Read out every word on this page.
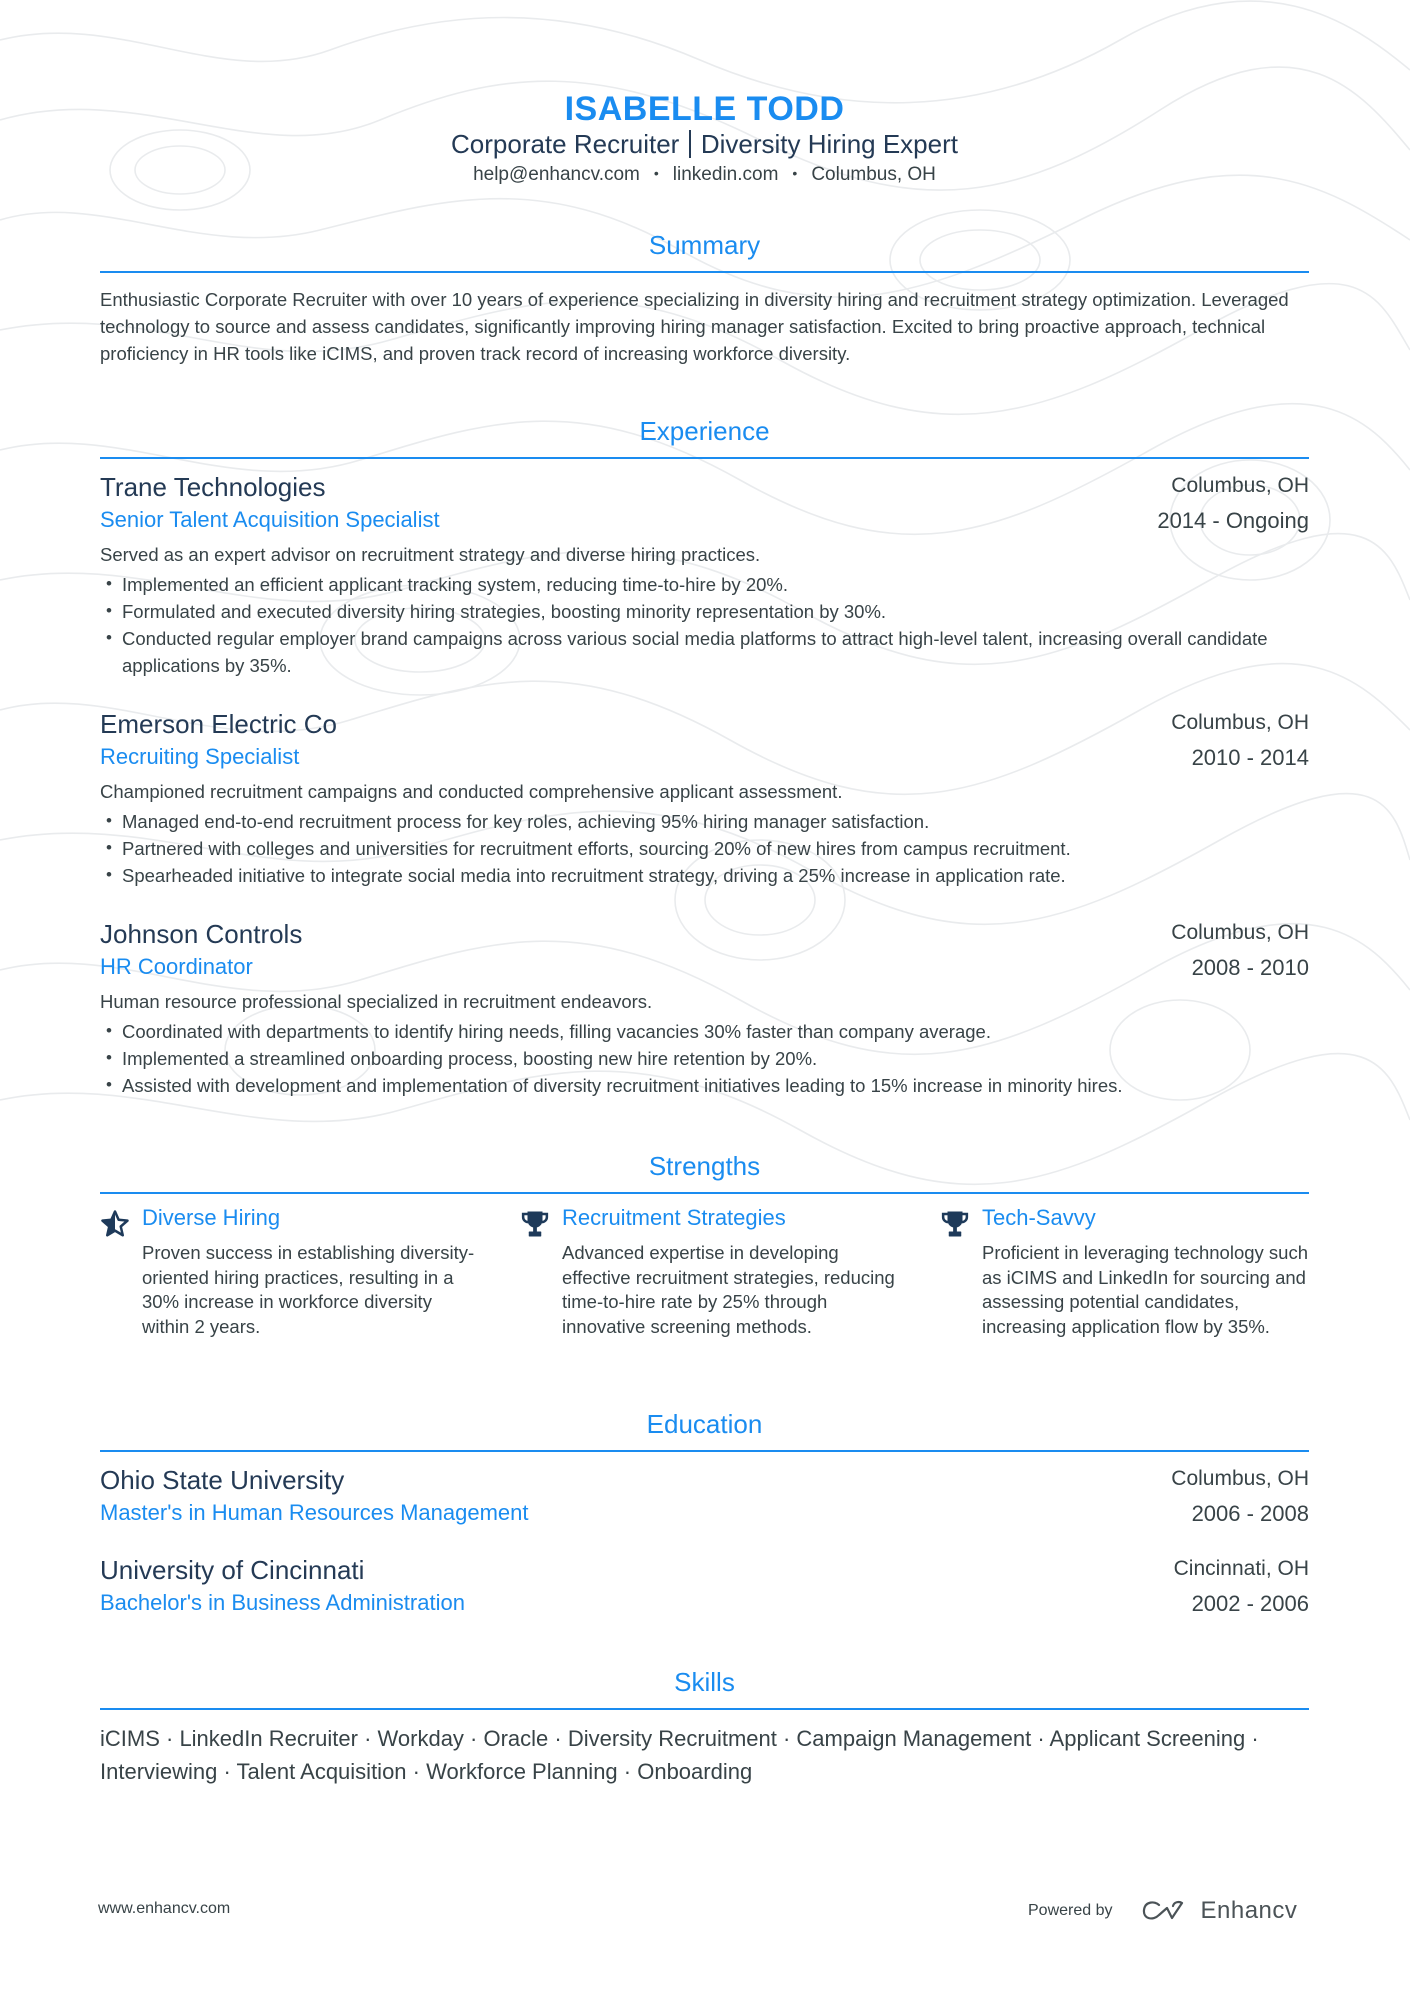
ISABELLE TODD
Corporate Recruiter Diversity Hiring Expert
help@enhancv.com • linkedin.com • Columbus, OH
Summary
Enthusiastic Corporate Recruiter with over 10 years of experience specializing in diversity hiring and recruitment strategy optimization. Leveraged technology to source and assess candidates, significantly improving hiring manager satisfaction. Excited to bring proactive approach, technical proficiency in HR tools like iCIMS, and proven track record of increasing workforce diversity.
Experience
Trane Technologies	Columbus, OH
Senior Talent Acquisition Specialist	2014 - Ongoing
Served as an expert advisor on recruitment strategy and diverse hiring practices.
• Implemented an efficient applicant tracking system, reducing time-to-hire by 20%.
• Formulated and executed diversity hiring strategies, boosting minority representation by 30%.
• Conducted regular employer brand campaigns across various social media platforms to attract high-level talent, increasing overall candidate applications by 35%.
Emerson Electric Co	Columbus, OH
Recruiting Specialist	2010 - 2014
Championed recruitment campaigns and conducted comprehensive applicant assessment.
• Managed end-to-end recruitment process for key roles, achieving 95% hiring manager satisfaction.
• Partnered with colleges and universities for recruitment efforts, sourcing 20% of new hires from campus recruitment.
• Spearheaded initiative to integrate social media into recruitment strategy, driving a 25% increase in application rate.
Johnson Controls	Columbus, OH
HR Coordinator	2008 - 2010
Human resource professional specialized in recruitment endeavors.
• Coordinated with departments to identify hiring needs, filling vacancies 30% faster than company average.
• Implemented a streamlined onboarding process, boosting new hire retention by 20%.
• Assisted with development and implementation of diversity recruitment initiatives leading to 15% increase in minority hires.
Strengths
Diverse Hiring
Proven success in establishing diversity-oriented hiring practices, resulting in a 30% increase in workforce diversity within 2 years.
Recruitment Strategies
Advanced expertise in developing effective recruitment strategies, reducing time-to-hire rate by 25% through innovative screening methods.
Tech-Savvy
Proficient in leveraging technology such as iCIMS and LinkedIn for sourcing and assessing potential candidates, increasing application flow by 35%.
Education
Ohio State University	Columbus, OH
Master's in Human Resources Management	2006 - 2008
University of Cincinnati	Cincinnati, OH
Bachelor's in Business Administration	2002 - 2006
Skills
iCIMS · LinkedIn Recruiter · Workday · Oracle · Diversity Recruitment · Campaign Management · Applicant Screening ·
Interviewing · Talent Acquisition · Workforce Planning · Onboarding
www.enhancv.com	Powered by	Enhancv
